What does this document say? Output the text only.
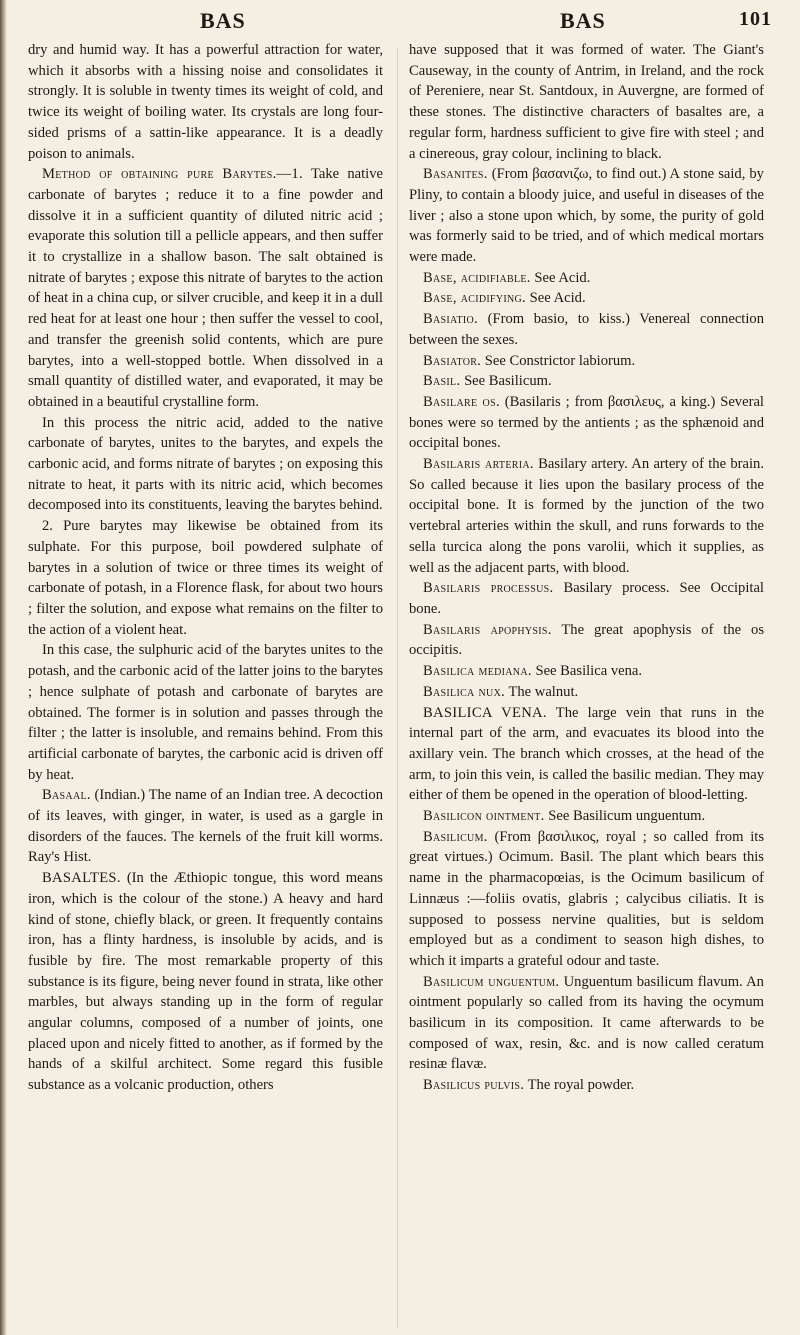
BAS	BAS	101

dry and humid way. It has a powerful attraction for water, which it absorbs with a hissing noise and consolidates it strongly. It is soluble in twenty times its weight of cold, and twice its weight of boiling water. Its crystals are long four-sided prisms of a sattin-like appearance. It is a deadly poison to animals.

Method of obtaining pure Barytes.—1. Take native carbonate of barytes ; reduce it to a fine powder and dissolve it in a sufficient quantity of diluted nitric acid ; evaporate this solution till a pellicle appears, and then suffer it to crystallize in a shallow bason. The salt obtained is nitrate of barytes ; expose this nitrate of barytes to the action of heat in a china cup, or silver crucible, and keep it in a dull red heat for at least one hour ; then suffer the vessel to cool, and transfer the greenish solid contents, which are pure barytes, into a well-stopped bottle. When dissolved in a small quantity of distilled water, and evaporated, it may be obtained in a beautiful crystalline form.

In this process the nitric acid, added to the native carbonate of barytes, unites to the barytes, and expels the carbonic acid, and forms nitrate of barytes ; on exposing this nitrate to heat, it parts with its nitric acid, which becomes decomposed into its constituents, leaving the barytes behind.

2. Pure barytes may likewise be obtained from its sulphate. For this purpose, boil powdered sulphate of barytes in a solution of twice or three times its weight of carbonate of potash, in a Florence flask, for about two hours ; filter the solution, and expose what remains on the filter to the action of a violent heat.

In this case, the sulphuric acid of the barytes unites to the potash, and the carbonic acid of the latter joins to the barytes ; hence sulphate of potash and carbonate of barytes are obtained. The former is in solution and passes through the filter ; the latter is insoluble, and remains behind. From this artificial carbonate of barytes, the carbonic acid is driven off by heat.

Basaal. (Indian.) The name of an Indian tree. A decoction of its leaves, with ginger, in water, is used as a gargle in disorders of the fauces. The kernels of the fruit kill worms. Ray's Hist.

BASALTES. (In the Æthiopic tongue, this word means iron, which is the colour of the stone.) A heavy and hard kind of stone, chiefly black, or green. It frequently contains iron, has a flinty hardness, is insoluble by acids, and is fusible by fire. The most remarkable property of this substance is its figure, being never found in strata, like other marbles, but always standing up in the form of regular angular columns, composed of a number of joints, one placed upon and nicely fitted to another, as if formed by the hands of a skilful architect. Some regard this fusible substance as a volcanic production, others

have supposed that it was formed of water. The Giant's Causeway, in the county of Antrim, in Ireland, and the rock of Pereniere, near St. Santdoux, in Auvergne, are formed of these stones. The distinctive characters of basaltes are, a regular form, hardness sufficient to give fire with steel ; and a cinereous, gray colour, inclining to black.

Basanites. (From βασανιζω, to find out.) A stone said, by Pliny, to contain a bloody juice, and useful in diseases of the liver ; also a stone upon which, by some, the purity of gold was formerly said to be tried, and of which medical mortars were made.

Base, acidifiable. See Acid.

Base, acidifying. See Acid.

Basiatio. (From basio, to kiss.) Venereal connection between the sexes.

Basiator. See Constrictor labiorum.

Basil. See Basilicum.

Basilare os. (Basilaris ; from βασιλευς, a king.) Several bones were so termed by the antients ; as the sphænoid and occipital bones.

Basilaris arteria. Basilary artery. An artery of the brain. So called because it lies upon the basilary process of the occipital bone. It is formed by the junction of the two vertebral arteries within the skull, and runs forwards to the sella turcica along the pons varolii, which it supplies, as well as the adjacent parts, with blood.

Basilaris processus. Basilary process. See Occipital bone.

Basilaris apophysis. The great apophysis of the os occipitis.

Basilica mediana. See Basilica vena.

Basilica nux. The walnut.

BASILICA VENA. The large vein that runs in the internal part of the arm, and evacuates its blood into the axillary vein. The branch which crosses, at the head of the arm, to join this vein, is called the basilic median. They may either of them be opened in the operation of blood-letting.

Basilicon ointment. See Basilicum unguentum.

Basilicum. (From βασιλικος, royal ; so called from its great virtues.) Ocimum. Basil. The plant which bears this name in the pharmacopœias, is the Ocimum basilicum of Linnæus :—foliis ovatis, glabris ; calycibus ciliatis. It is supposed to possess nervine qualities, but is seldom employed but as a condiment to season high dishes, to which it imparts a grateful odour and taste.

Basilicum unguentum. Unguentum basilicum flavum. An ointment popularly so called from its having the ocymum basilicum in its composition. It came afterwards to be composed of wax, resin, &c. and is now called ceratum resinæ flavæ.

Basilicus pulvis. The royal powder.
